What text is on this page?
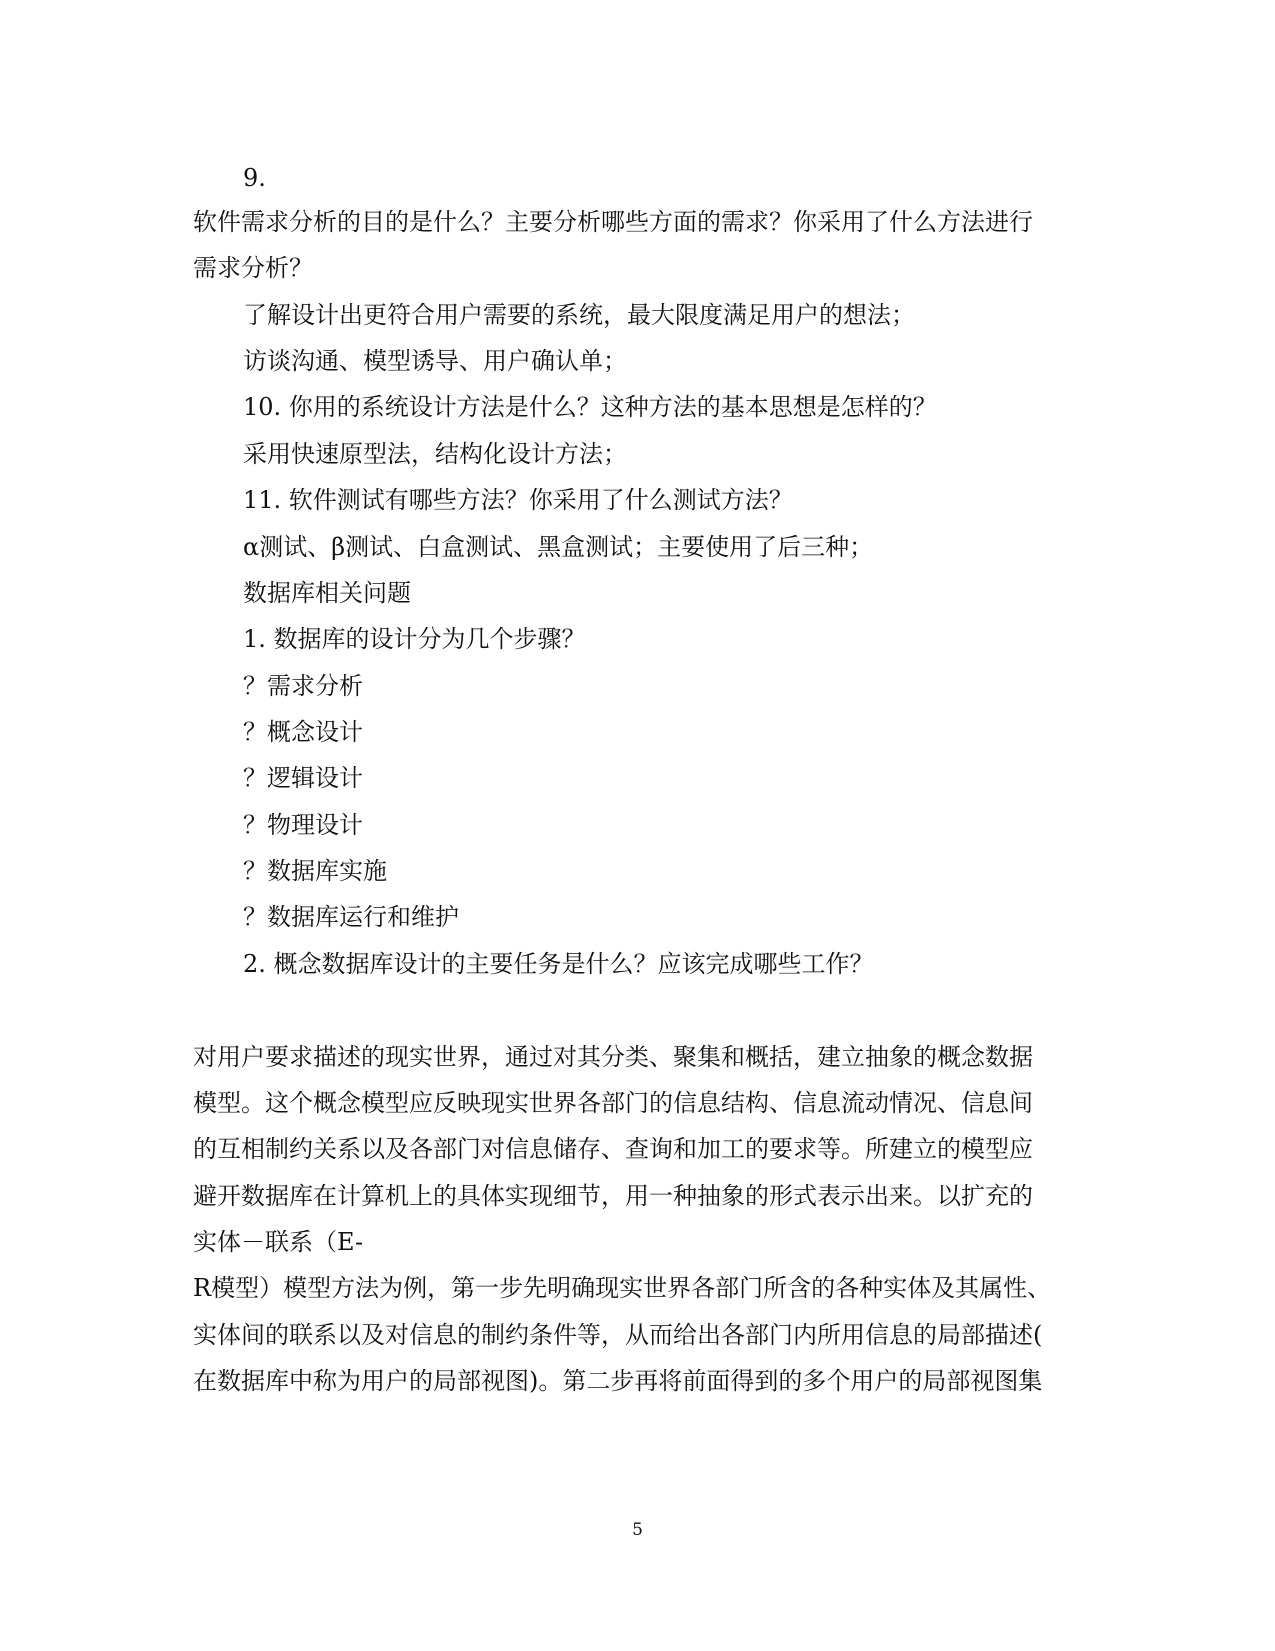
9.
软件需求分析的目的是什么？主要分析哪些方面的需求？你采用了什么方法进行
需求分析？
了解设计出更符合用户需要的系统，最大限度满足用户的想法；
访谈沟通、模型诱导、用户确认单；
10. 你用的系统设计方法是什么？这种方法的基本思想是怎样的？
采用快速原型法，结构化设计方法；
11. 软件测试有哪些方法？你采用了什么测试方法？
α测试、β测试、白盒测试、黑盒测试；主要使用了后三种；
数据库相关问题
1. 数据库的设计分为几个步骤？
？需求分析
？概念设计
？逻辑设计
？物理设计
？数据库实施
？数据库运行和维护
2. 概念数据库设计的主要任务是什么？应该完成哪些工作？
对用户要求描述的现实世界，通过对其分类、聚集和概括，建立抽象的概念数据
模型。这个概念模型应反映现实世界各部门的信息结构、信息流动情况、信息间
的互相制约关系以及各部门对信息储存、查询和加工的要求等。所建立的模型应
避开数据库在计算机上的具体实现细节，用一种抽象的形式表示出来。以扩充的
实体－联系（E-
R模型）模型方法为例，第一步先明确现实世界各部门所含的各种实体及其属性、
实体间的联系以及对信息的制约条件等，从而给出各部门内所用信息的局部描述(
在数据库中称为用户的局部视图)。第二步再将前面得到的多个用户的局部视图集
5
